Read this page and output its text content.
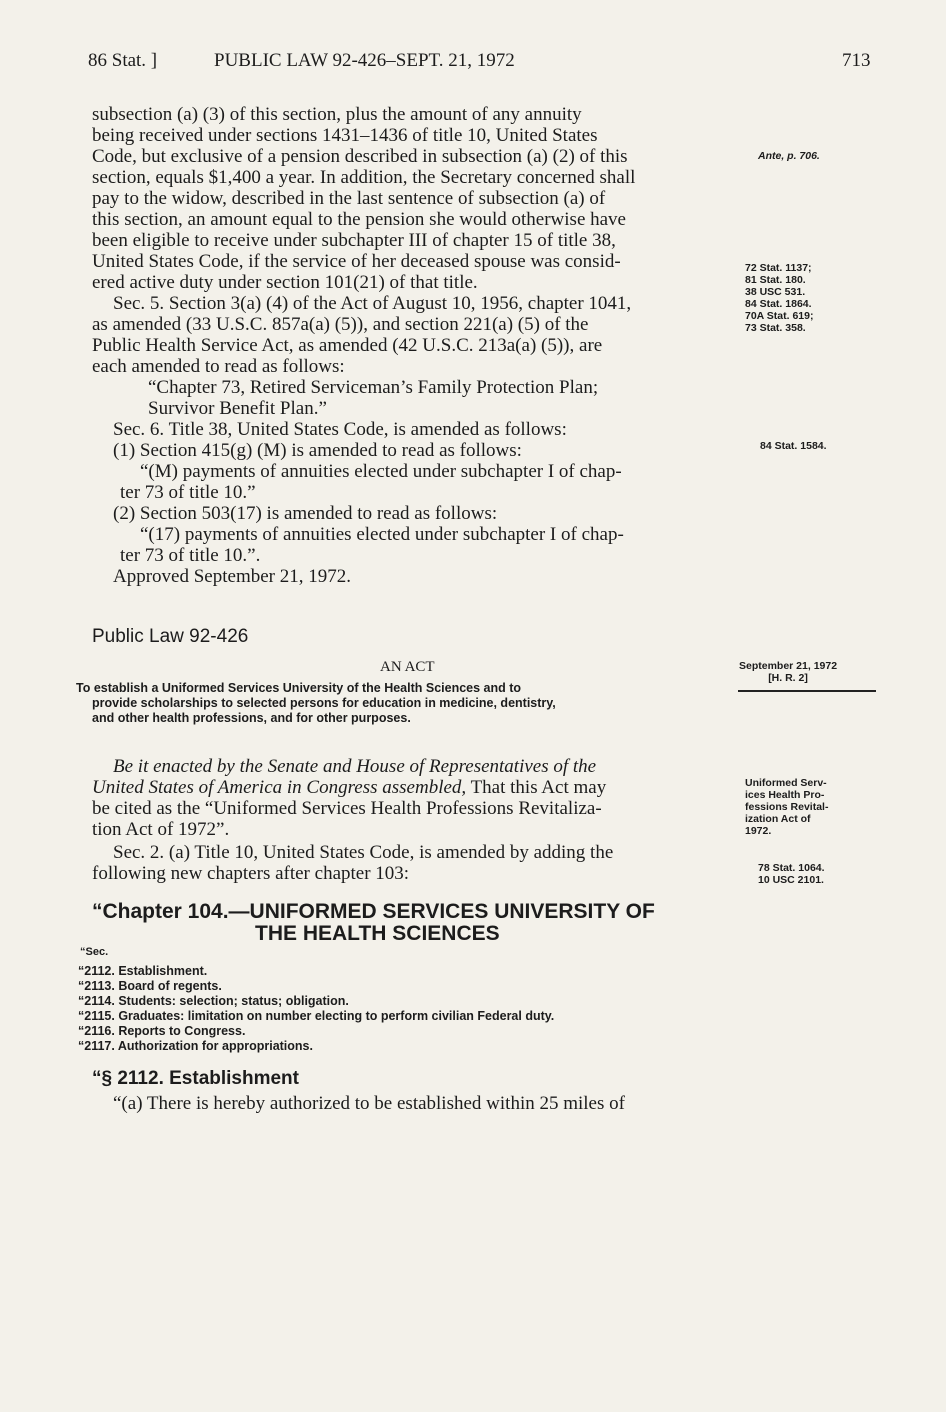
86 Stat. ]	PUBLIC LAW 92-426–SEPT. 21, 1972	713
subsection (a) (3) of this section, plus the amount of any annuity
being received under sections 1431–1436 of title 10, United States
Code, but exclusive of a pension described in subsection (a) (2) of this
section, equals $1,400 a year. In addition, the Secretary concerned shall
pay to the widow, described in the last sentence of subsection (a) of
this section, an amount equal to the pension she would otherwise have
been eligible to receive under subchapter III of chapter 15 of title 38,
United States Code, if the service of her deceased spouse was consid-
ered active duty under section 101(21) of that title.
Sec. 5. Section 3(a) (4) of the Act of August 10, 1956, chapter 1041,
as amended (33 U.S.C. 857a(a) (5)), and section 221(a) (5) of the
Public Health Service Act, as amended (42 U.S.C. 213a(a) (5)), are
each amended to read as follows:
“Chapter 73, Retired Serviceman’s Family Protection Plan;
Survivor Benefit Plan.”
Sec. 6. Title 38, United States Code, is amended as follows:
(1) Section 415(g) (M) is amended to read as follows:
“(M) payments of annuities elected under subchapter I of chap-
ter 73 of title 10.”
(2) Section 503(17) is amended to read as follows:
“(17) payments of annuities elected under subchapter I of chap-
ter 73 of title 10.”.
Approved September 21, 1972.
Public Law 92-426
AN ACT
To establish a Uniformed Services University of the Health Sciences and to
provide scholarships to selected persons for education in medicine, dentistry,
and other health professions, and for other purposes.
Be it enacted by the Senate and House of Representatives of the
United States of America in Congress assembled, That this Act may
be cited as the “Uniformed Services Health Professions Revitaliza-
tion Act of 1972”.
Sec. 2. (a) Title 10, United States Code, is amended by adding the
following new chapters after chapter 103:
“Chapter 104.—UNIFORMED SERVICES UNIVERSITY OF
THE HEALTH SCIENCES
“Sec.
“2112. Establishment.
“2113. Board of regents.
“2114. Students: selection; status; obligation.
“2115. Graduates: limitation on number electing to perform civilian Federal duty.
“2116. Reports to Congress.
“2117. Authorization for appropriations.
“§ 2112. Establishment
“(a) There is hereby authorized to be established within 25 miles of
Ante, p. 706.
72 Stat. 1137;
81 Stat. 180.
38 USC 531.
84 Stat. 1864.
70A Stat. 619;
73 Stat. 358.
84 Stat. 1584.
September 21, 1972
[H. R. 2]
Uniformed Serv-
ices Health Pro-
fessions Revital-
ization Act of
1972.
78 Stat. 1064.
10 USC 2101.
